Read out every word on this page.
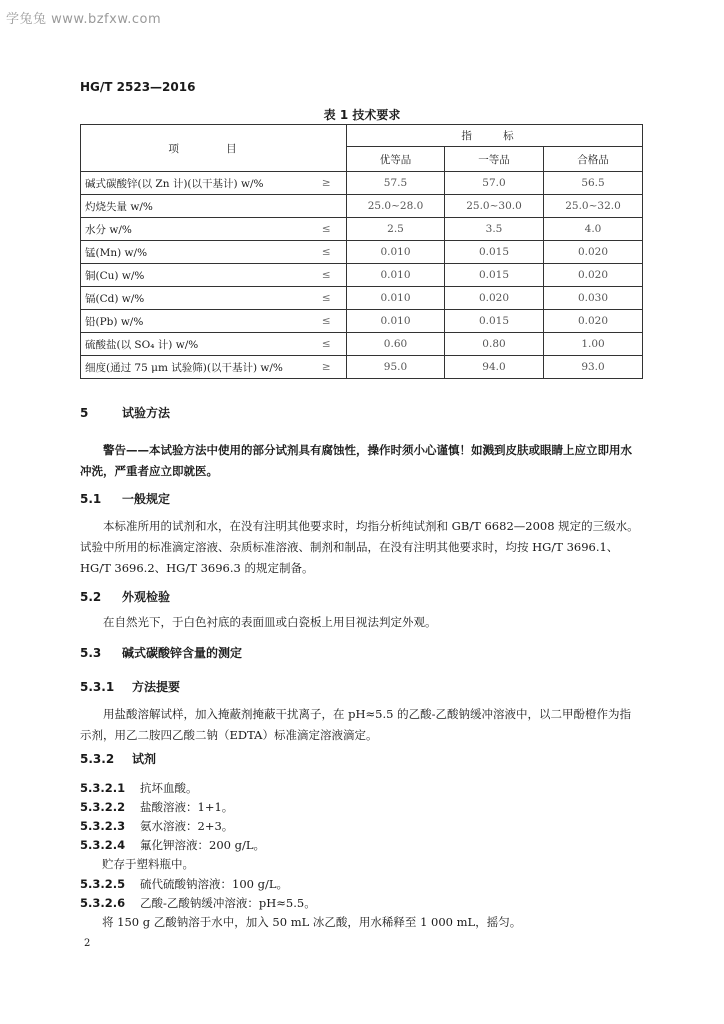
学兔兔 www.bzfxw.com
HG/T 2523—2016
表 1 技术要求
项 目		指 标		
		优等品	一等品	合格品
碱式碳酸锌(以 Zn 计)(以干基计) w/%	≥	57.5	57.0	56.5
灼烧失量 w/%		25.0~28.0	25.0~30.0	25.0~32.0
水分 w/%	≤	2.5	3.5	4.0
锰(Mn) w/%	≤	0.010	0.015	0.020
铜(Cu) w/%	≤	0.010	0.015	0.020
镉(Cd) w/%	≤	0.010	0.020	0.030
铅(Pb) w/%	≤	0.010	0.015	0.020
硫酸盐(以 SO₄ 计) w/%	≤	0.60	0.80	1.00
细度(通过 75 μm 试验筛)(以干基计) w/%	≥	95.0	94.0	93.0
5	试验方法
警告——本试验方法中使用的部分试剂具有腐蚀性，操作时须小心谨慎！如溅到皮肤或眼睛上应立即用水冲洗，严重者应立即就医。
5.1 一般规定
本标准所用的试剂和水，在没有注明其他要求时，均指分析纯试剂和 GB/T 6682—2008 规定的三级水。试验中所用的标准滴定溶液、杂质标准溶液、制剂和制品，在没有注明其他要求时，均按 HG/T 3696.1、HG/T 3696.2、HG/T 3696.3 的规定制备。
5.2 外观检验
在自然光下，于白色衬底的表面皿或白瓷板上用目视法判定外观。
5.3 碱式碳酸锌含量的测定
5.3.1 方法提要
用盐酸溶解试样，加入掩蔽剂掩蔽干扰离子，在 pH≈5.5 的乙酸-乙酸钠缓冲溶液中，以二甲酚橙作为指示剂，用乙二胺四乙酸二钠（EDTA）标准滴定溶液滴定。
5.3.2 试剂
5.3.2.1 抗坏血酸。
5.3.2.2 盐酸溶液：1+1。
5.3.2.3 氨水溶液：2+3。
5.3.2.4 氟化钾溶液：200 g/L。
贮存于塑料瓶中。
5.3.2.5 硫代硫酸钠溶液：100 g/L。
5.3.2.6 乙酸-乙酸钠缓冲溶液：pH≈5.5。
将 150 g 乙酸钠溶于水中，加入 50 mL 冰乙酸，用水稀释至 1 000 mL，摇匀。
2
